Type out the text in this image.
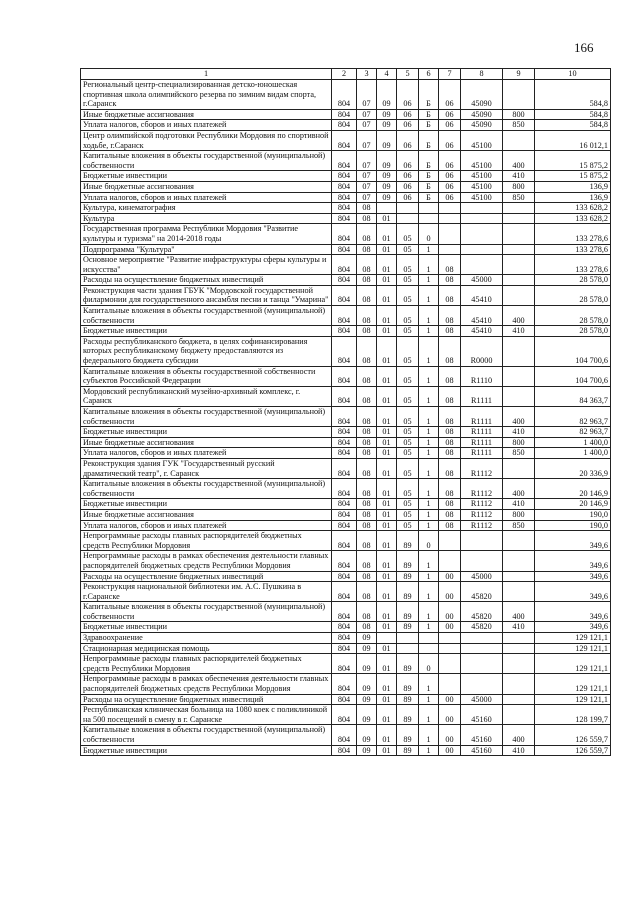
166
1	2	3	4	5	6	7	8	9	10
Региональный центр-специализированная детско-юношеская спортивная школа олимпийского резерва по зимним видам спорта, г.Саранск	804	07	09	06	Б	06	45090		584,8
Иные бюджетные ассигнования	804	07	09	06	Б	06	45090	800	584,8
Уплата налогов, сборов и иных платежей	804	07	09	06	Б	06	45090	850	584,8
Центр олимпийской подготовки Республики Мордовия по спортивной ходьбе, г.Саранск	804	07	09	06	Б	06	45100		16 012,1
Капитальные вложения в объекты государственной (муниципальной) собственности	804	07	09	06	Б	06	45100	400	15 875,2
Бюджетные инвестиции	804	07	09	06	Б	06	45100	410	15 875,2
Иные бюджетные ассигнования	804	07	09	06	Б	06	45100	800	136,9
Уплата налогов, сборов и иных платежей	804	07	09	06	Б	06	45100	850	136,9
Культура, кинематография	804	08							133 628,2
Культура	804	08	01						133 628,2
Государственная программа Республики Мордовия "Развитие культуры и туризма" на 2014-2018 годы	804	08	01	05	0				133 278,6
Подпрограмма "Культура"	804	08	01	05	1				133 278,6
Основное мероприятие "Развитие инфраструктуры сферы культуры и искусства"	804	08	01	05	1	08			133 278,6
Расходы на осуществление бюджетных инвестиций	804	08	01	05	1	08	45000		28 578,0
Реконструкция части здания ГБУК "Мордовской государственной филармонии для государственного ансамбля песни и танца "Умарина"	804	08	01	05	1	08	45410		28 578,0
Капитальные вложения в объекты государственной (муниципальной) собственности	804	08	01	05	1	08	45410	400	28 578,0
Бюджетные инвестиции	804	08	01	05	1	08	45410	410	28 578,0
Расходы республиканского бюджета, в целях софинансирования которых республиканскому бюджету предоставляются из федерального бюджета субсидии	804	08	01	05	1	08	R0000		104 700,6
Капитальные вложения в объекты государственной собственности субъектов Российской Федерации	804	08	01	05	1	08	R1110		104 700,6
Мордовский республиканский музейно-архивный комплекс, г. Саранск	804	08	01	05	1	08	R1111		84 363,7
Капитальные вложения в объекты государственной (муниципальной) собственности	804	08	01	05	1	08	R1111	400	82 963,7
Бюджетные инвестиции	804	08	01	05	1	08	R1111	410	82 963,7
Иные бюджетные ассигнования	804	08	01	05	1	08	R1111	800	1 400,0
Уплата налогов, сборов и иных платежей	804	08	01	05	1	08	R1111	850	1 400,0
Реконструкция здания ГУК "Государственный русский драматический театр", г. Саранск	804	08	01	05	1	08	R1112		20 336,9
Капитальные вложения в объекты государственной (муниципальной) собственности	804	08	01	05	1	08	R1112	400	20 146,9
Бюджетные инвестиции	804	08	01	05	1	08	R1112	410	20 146,9
Иные бюджетные ассигнования	804	08	01	05	1	08	R1112	800	190,0
Уплата налогов, сборов и иных платежей	804	08	01	05	1	08	R1112	850	190,0
Непрограммные расходы главных распорядителей бюджетных средств Республики Мордовия	804	08	01	89	0				349,6
Непрограммные расходы в рамках обеспечения деятельности главных распорядителей бюджетных средств Республики Мордовия	804	08	01	89	1				349,6
Расходы на осуществление бюджетных инвестиций	804	08	01	89	1	00	45000		349,6
Реконструкция национальной библиотеки им. А.С. Пушкина в г.Саранске	804	08	01	89	1	00	45820		349,6
Капитальные вложения в объекты государственной (муниципальной) собственности	804	08	01	89	1	00	45820	400	349,6
Бюджетные инвестиции	804	08	01	89	1	00	45820	410	349,6
Здравоохранение	804	09							129 121,1
Стационарная медицинская помощь	804	09	01						129 121,1
Непрограммные расходы главных распорядителей бюджетных средств Республики Мордовия	804	09	01	89	0				129 121,1
Непрограммные расходы в рамках обеспечения деятельности главных распорядителей бюджетных средств Республики Мордовия	804	09	01	89	1				129 121,1
Расходы на осуществление бюджетных инвестиций	804	09	01	89	1	00	45000		129 121,1
Республиканская клиническая больница на 1080 коек с поликлиникой на 500 посещений в смену в г. Саранске	804	09	01	89	1	00	45160		128 199,7
Капитальные вложения в объекты государственной (муниципальной) собственности	804	09	01	89	1	00	45160	400	126 559,7
Бюджетные инвестиции	804	09	01	89	1	00	45160	410	126 559,7
